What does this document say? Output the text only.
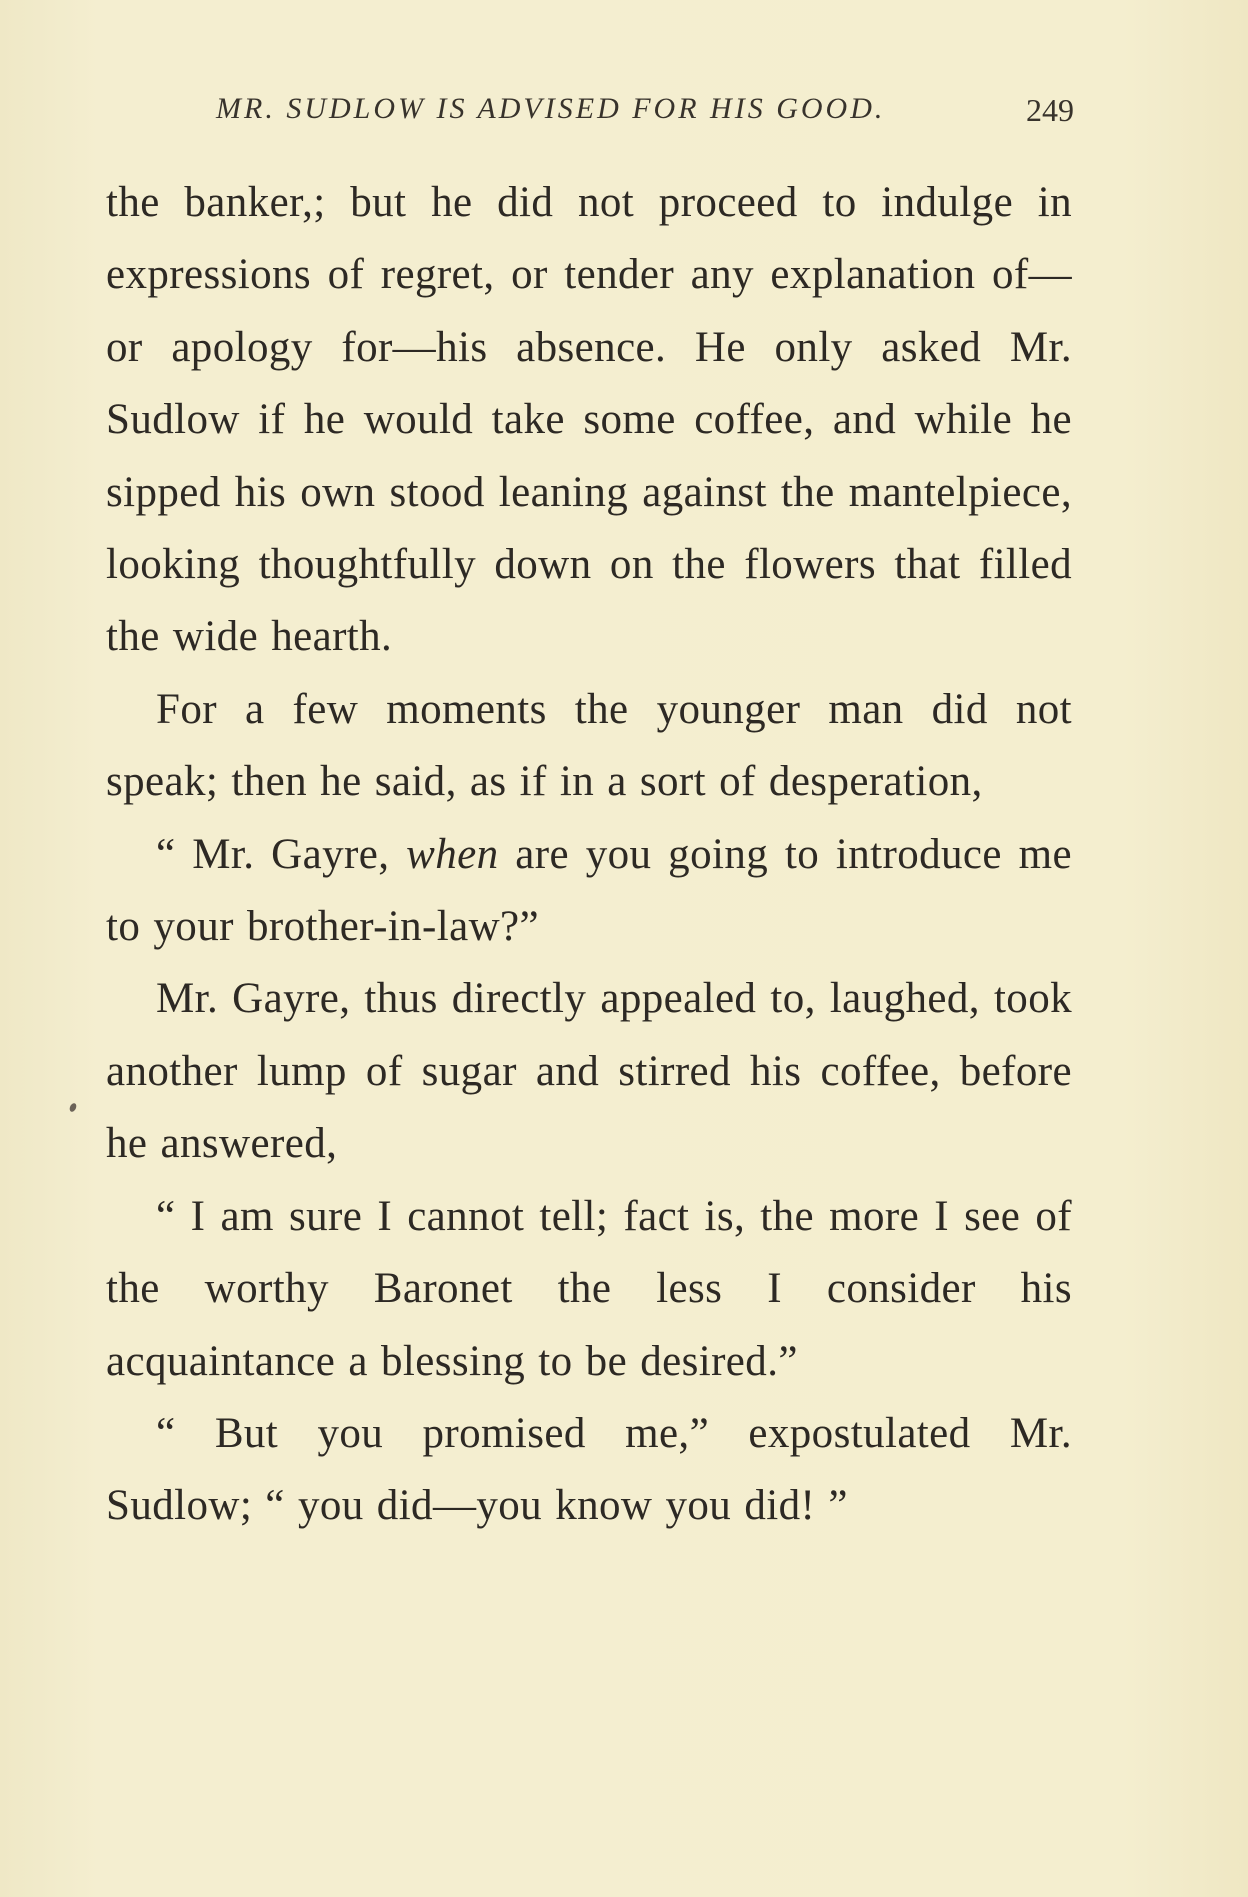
MR. SUDLOW IS ADVISED FOR HIS GOOD.	249

the banker,; but he did not proceed to indulge in expressions of regret, or tender any explanation of— or apology for—his absence. He only asked Mr. Sudlow if he would take some coffee, and while he sipped his own stood leaning against the mantelpiece, looking thoughtfully down on the flowers that filled the wide hearth.

For a few moments the younger man did not speak; then he said, as if in a sort of desperation,

“ Mr. Gayre, when are you going to introduce me to your brother-in-law?”

Mr. Gayre, thus directly appealed to, laughed, took another lump of sugar and stirred his coffee, before he answered,

“ I am sure I cannot tell; fact is, the more I see of the worthy Baronet the less I consider his acquaintance a blessing to be desired.”

“ But you promised me,” expostulated Mr. Sudlow; “ you did—you know you did! ”
